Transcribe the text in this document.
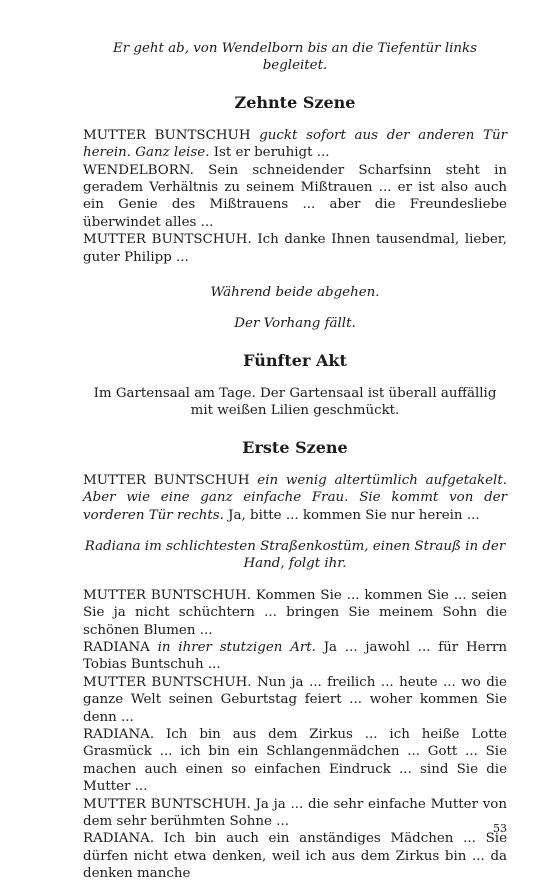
Er geht ab, von Wendelborn bis an die Tiefentür links begleitet.

Zehnte Szene

MUTTER BUNTSCHUH guckt sofort aus der anderen Tür herein. Ganz leise. Ist er beruhigt ...

WENDELBORN. Sein schneidender Scharfsinn steht in geradem Verhältnis zu seinem Mißtrauen ... er ist also auch ein Genie des Mißtrauens ... aber die Freundesliebe überwindet alles ...

MUTTER BUNTSCHUH. Ich danke Ihnen tausendmal, lieber, guter Philipp ...

Während beide abgehen.

Der Vorhang fällt.

Fünfter Akt

Im Gartensaal am Tage. Der Gartensaal ist überall auffällig mit weißen Lilien geschmückt.

Erste Szene

MUTTER BUNTSCHUH ein wenig altertümlich aufgetakelt. Aber wie eine ganz einfache Frau. Sie kommt von der vorderen Tür rechts. Ja, bitte ... kommen Sie nur herein ...

Radiana im schlichtesten Straßenkostüm, einen Strauß in der Hand, folgt ihr.

MUTTER BUNTSCHUH. Kommen Sie ... kommen Sie ... seien Sie ja nicht schüchtern ... bringen Sie meinem Sohn die schönen Blumen ...

RADIANA in ihrer stutzigen Art. Ja ... jawohl ... für Herrn Tobias Buntschuh ...

MUTTER BUNTSCHUH. Nun ja ... freilich ... heute ... wo die ganze Welt seinen Geburtstag feiert ... woher kommen Sie denn ...

RADIANA. Ich bin aus dem Zirkus ... ich heiße Lotte Grasmück ... ich bin ein Schlangenmädchen ... Gott ... Sie machen auch einen so einfachen Eindruck ... sind Sie die Mutter ...

MUTTER BUNTSCHUH. Ja ja ... die sehr einfache Mutter von dem sehr berühmten Sohne ...

RADIANA. Ich bin auch ein anständiges Mädchen ... Sie dürfen nicht etwa denken, weil ich aus dem Zirkus bin ... da denken manche

53
